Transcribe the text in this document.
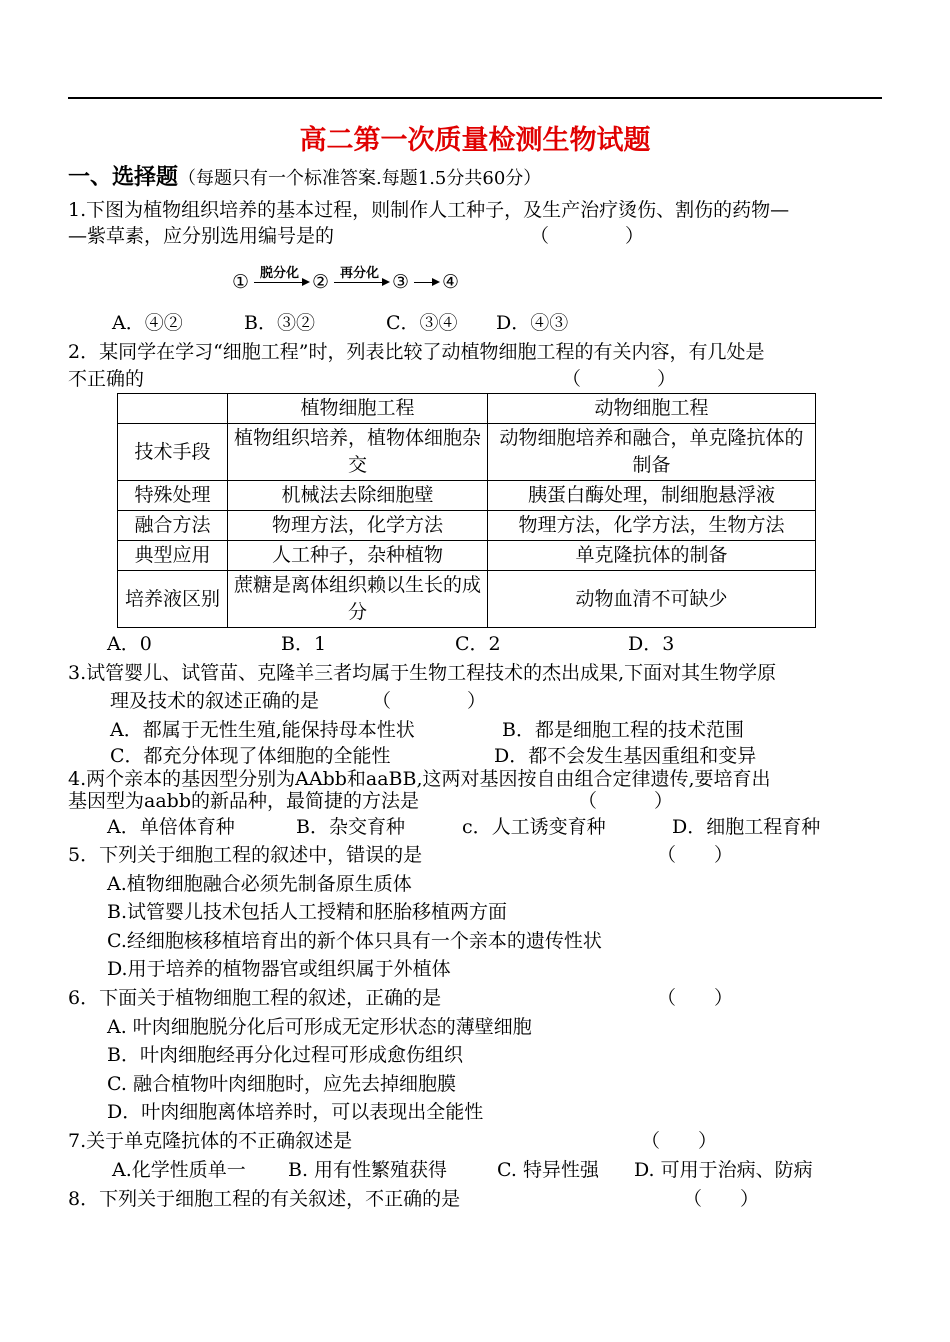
高二第一次质量检测生物试题
一、选择题（每题只有一个标准答案.每题1.5分共60分）
1.下图为植物组织培养的基本过程，则制作人工种子，及生产治疗烫伤、割伤的药物—
—紫草素，应分别选用编号是的	（　　　　）
① 脱分化 ② 再分化 ③ ④
A．④②	B．③②	C．③④ D．④③
2．某同学在学习“细胞工程”时，列表比较了动植物细胞工程的有关内容，有几处是
不正确的	（　　　　）
	植物细胞工程	动物细胞工程
技术手段	植物组织培养，植物体细胞杂交	动物细胞培养和融合，单克隆抗体的制备
特殊处理	机械法去除细胞壁	胰蛋白酶处理，制细胞悬浮液
融合方法	物理方法，化学方法	物理方法，化学方法，生物方法
典型应用	人工种子，杂种植物	单克隆抗体的制备
培养液区别	蔗糖是离体组织赖以生长的成分	动物血清不可缺少
A．0	B．1	C．2	D．3
3.试管婴儿、试管苗、克隆羊三者均属于生物工程技术的杰出成果,下面对其生物学原
理及技术的叙述正确的是	（　　　　）
A．都属于无性生殖,能保持母本性状	B．都是细胞工程的技术范围
C．都充分体现了体细胞的全能性	D．都不会发生基因重组和变异
4.两个亲本的基因型分别为AAbb和aaBB,这两对基因按自由组合定律遗传,要培育出
基因型为aabb的新品种，最简捷的方法是	（　　　）
A．单倍体育种	B．杂交育种	c．人工诱变育种	D．细胞工程育种
5．下列关于细胞工程的叙述中，错误的是	（　　）
A.植物细胞融合必须先制备原生质体
B.试管婴儿技术包括人工授精和胚胎移植两方面
C.经细胞核移植培育出的新个体只具有一个亲本的遗传性状
D.用于培养的植物器官或组织属于外植体
6．下面关于植物细胞工程的叙述，正确的是	（　　）
A. 叶肉细胞脱分化后可形成无定形状态的薄壁细胞
B．叶肉细胞经再分化过程可形成愈伤组织
C. 融合植物叶肉细胞时，应先去掉细胞膜
D．叶肉细胞离体培养时，可以表现出全能性
7.关于单克隆抗体的不正确叙述是	（　　）
A.化学性质单一 B. 用有性繁殖获得	C. 特异性强 D. 可用于治病、防病
8．下列关于细胞工程的有关叙述，不正确的是	（　　）
